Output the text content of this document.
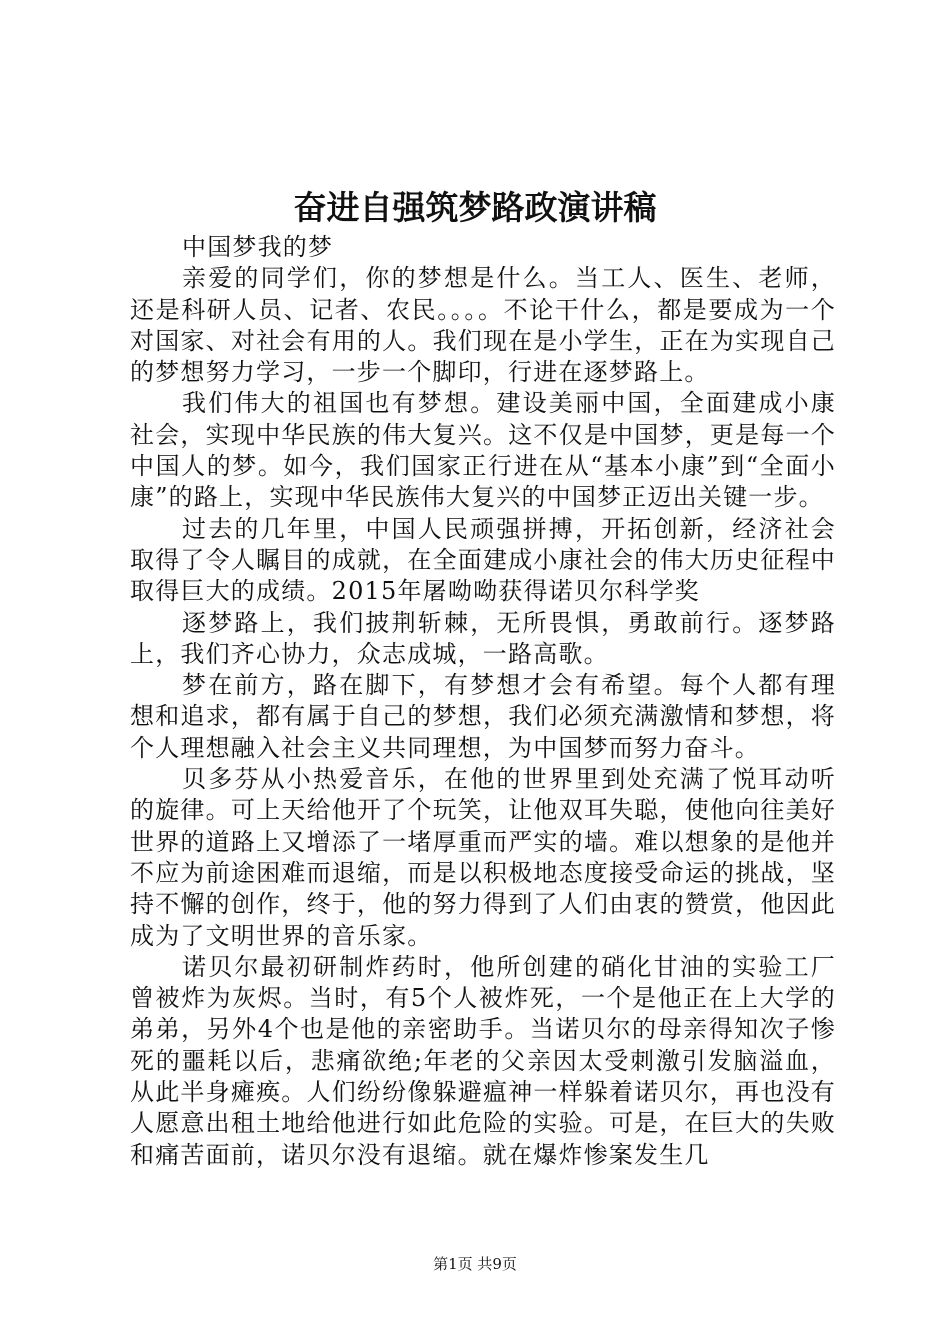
奋进自强筑梦路政演讲稿

中国梦我的梦

亲爱的同学们，你的梦想是什么。当工人、医生、老师，还是科研人员、记者、农民。。。。不论干什么，都是要成为一个对国家、对社会有用的人。我们现在是小学生，正在为实现自己的梦想努力学习，一步一个脚印，行进在逐梦路上。

我们伟大的祖国也有梦想。建设美丽中国，全面建成小康社会，实现中华民族的伟大复兴。这不仅是中国梦，更是每一个中国人的梦。如今，我们国家正行进在从“基本小康”到“全面小康”的路上，实现中华民族伟大复兴的中国梦正迈出关键一步。

过去的几年里，中国人民顽强拼搏，开拓创新，经济社会取得了令人瞩目的成就，在全面建成小康社会的伟大历史征程中取得巨大的成绩。2015年屠呦呦获得诺贝尔科学奖

逐梦路上，我们披荆斩棘，无所畏惧，勇敢前行。逐梦路上，我们齐心协力，众志成城，一路高歌。

梦在前方，路在脚下，有梦想才会有希望。每个人都有理想和追求，都有属于自己的梦想，我们必须充满激情和梦想，将个人理想融入社会主义共同理想，为中国梦而努力奋斗。

贝多芬从小热爱音乐，在他的世界里到处充满了悦耳动听的旋律。可上天给他开了个玩笑，让他双耳失聪，使他向往美好世界的道路上又增添了一堵厚重而严实的墙。难以想象的是他并不应为前途困难而退缩，而是以积极地态度接受命运的挑战，坚持不懈的创作，终于，他的努力得到了人们由衷的赞赏，他因此成为了文明世界的音乐家。

诺贝尔最初研制炸药时，他所创建的硝化甘油的实验工厂曾被炸为灰烬。当时，有5个人被炸死，一个是他正在上大学的弟弟，另外4个也是他的亲密助手。当诺贝尔的母亲得知次子惨死的噩耗以后，悲痛欲绝;年老的父亲因太受刺激引发脑溢血，从此半身瘫痪。人们纷纷像躲避瘟神一样躲着诺贝尔，再也没有人愿意出租土地给他进行如此危险的实验。可是，在巨大的失败和痛苦面前，诺贝尔没有退缩。就在爆炸惨案发生几

第1页 共9页
